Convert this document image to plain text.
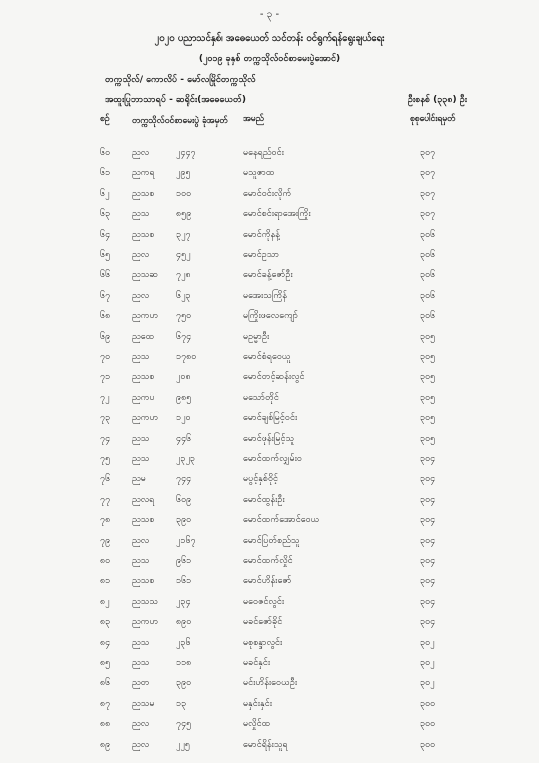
- ၃ -
၂၀၂၀ ပညာသင်နှစ်၊ အဓေယေတ် သင်တန်း ဝင်ရွက်ရန်ရွေးချယ်ရေး
(၂၀၁၉ ခုနှစ် တက္ကသိုလ်ဝင်စာမေးပွဲအောင်)
တက္ကသိုလ်/ ကောလိပ် - မော်လမြိုင်တက္ကသိုလ်
အထူးပြုဘာသာရပ် - ဆရိုင်း(အဓေယေတ်)	ဦးစနစ် (၃၃၈) ဦး
စဉ်	တက္ကသိုလ်ဝင်စာမေးပွဲ ခုံအမှတ်	အမည်	စုစုပေါင်းရမှတ်
၆၀ ညလ	၂၄၄၇	မနေရည်ဝင်း	၃၀၇
၆၁ ညကရ ၂၉၅	မသူဇာထ	၃၀၇
၆၂	ညသစ ၁၀၀	မောင်ဝင်းလိုက်	၃၀၇
၆၃ ညသ	၈၅၉	မောင်စင်းရာအေးကြိုး	၃၀၇
၆၄ ညသစ ၃၂၇	မောင်ကိုနန့်	၃၀၆
၆၅ ညလ	၄၅၂	မောင်ဥသာ	၃၀၆
၆၆ ညသဆ ၇၂၈	မောင်ခန့်ဇော်ဦး	၃၀၆
၆၇ ညလ	၆၂၃	မအေးသကြိန်	၃၀၆
၆၈ ညကဟ ၇၅၀	မကြိုးဖလေကျော်	၃၀၆
၆၉ ညထေ ၆၇၄	မဥမ္မာဦး	၃၀၅
၇၀ ညသ	၁၇၈၀	မောင်စံရဝေယူ	၃၀၅
၇၁ ညသစ ၂၀၈	မောင်တင့်ဆန်းလွင်	၃၀၅
၇၂	ညကပ ၉၈၅	မသော်တိုင်	၃၀၅
၇၃ ညကဟ ၁၂၀	မောင်ချစ်မြင့်ဝင်း	၃၀၅
၇၄ ညသ	၄၄၆	မောင်ဖုန်းမြင့်သူ	၃၀၅
၇၅ ညသ	၂၃၂၃	မောင်ထက်လျှမ်းဝ	၃၀၄
၇၆ ညမ	၇၄၄	မပွင့်နှစ်ဝိုင့်	၃၀၄
၇၇ ညလရ ၆၀၉	မောင်ထွန်းဦး	၃၀၄
၇၈ ညသစ ၃၉၀	မောင်ထက်အောင်ဝေယ	၃၀၄
၇၉ ညလ	၂၁၆၇	မောင်ပြတ်စည်သူ	၃၀၄
၈၀ ညသ	၉၆၁	မောင်ထက်လှိုင်	၃၀၄
၈၁ ညသစ ၁၆၁	မောင်ဟိန်းဇော်	၃၀၄
၈၂ ညသသ ၂၃၄	မဝေဇင်လွင်း	၃၀၄
၈၃ ညကဟ ၈၉၀	မခင်ဇော်ခိုင်	၃၀၄
၈၄ ညသ	၂၃၆	မစုစန္ဒာလွင်း	၃၀၂
၈၅ ညသ	၁၁၈	မခင်နှင်း	၃၀၂
၈၆ ညတ	၃၉၀	မင်းဟိန်းဝေယဦး	၃၀၂
၈၇ ညသမ ၁၃	မနှင်းနှင်း	၃၀၀
၈၈ ညလ	၇၄၅	မလှိုင်ထ	၃၀၀
၈၉ ညလ	၂၂၅	မောင်ရိန်းသူရ	၃၀၀
